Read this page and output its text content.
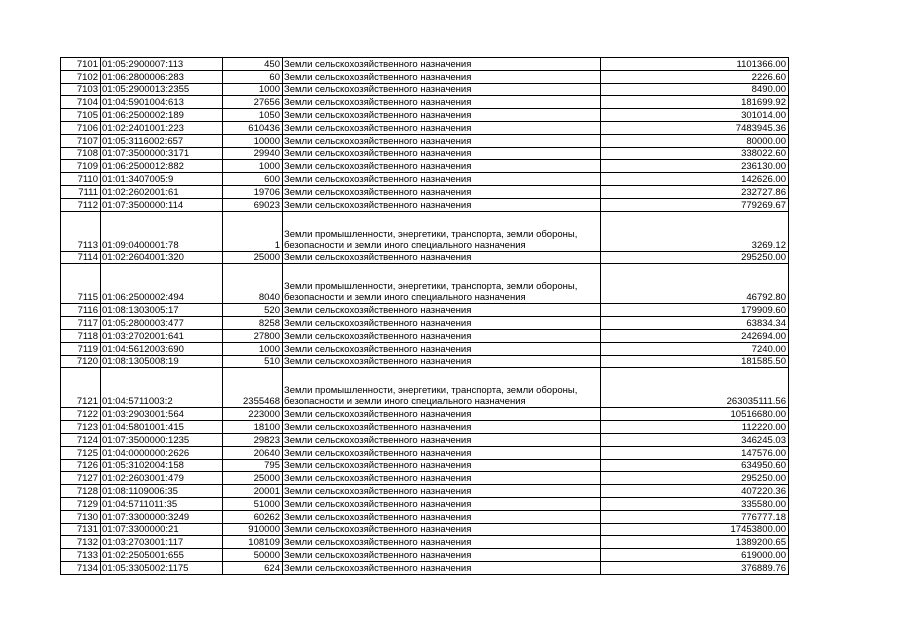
7101	01:05:2900007:113	450	Земли сельскохозяйственного назначения	1101366.00
7102	01:06:2800006:283	60	Земли сельскохозяйственного назначения	2226.60
7103	01:05:2900013:2355	1000	Земли сельскохозяйственного назначения	8490.00
7104	01:04:5901004:613	27656	Земли сельскохозяйственного назначения	181699.92
7105	01:06:2500002:189	1050	Земли сельскохозяйственного назначения	301014.00
7106	01:02:2401001:223	610436	Земли сельскохозяйственного назначения	7483945.36
7107	01:05:3116002:657	10000	Земли сельскохозяйственного назначения	80000.00
7108	01:07:3500000:3171	29940	Земли сельскохозяйственного назначения	338022.60
7109	01:06:2500012:882	1000	Земли сельскохозяйственного назначения	236130.00
7110	01:01:3407005:9	600	Земли сельскохозяйственного назначения	142626.00
7111	01:02:2602001:61	19706	Земли сельскохозяйственного назначения	232727.86
7112	01:07:3500000:114	69023	Земли сельскохозяйственного назначения	779269.67
7113	01:09:0400001:78	1	Земли промышленности, энергетики, транспорта, земли обороны, безопасности и земли иного специального назначения	3269.12
7114	01:02:2604001:320	25000	Земли сельскохозяйственного назначения	295250.00
7115	01:06:2500002:494	8040	Земли промышленности, энергетики, транспорта, земли обороны, безопасности и земли иного специального назначения	46792.80
7116	01:08:1303005:17	520	Земли сельскохозяйственного назначения	179909.60
7117	01:05:2800003:477	8258	Земли сельскохозяйственного назначения	63834.34
7118	01:03:2702001:641	27800	Земли сельскохозяйственного назначения	242694.00
7119	01:04:5612003:690	1000	Земли сельскохозяйственного назначения	7240.00
7120	01:08:1305008:19	510	Земли сельскохозяйственного назначения	181585.50
7121	01:04:5711003:2	2355468	Земли промышленности, энергетики, транспорта, земли обороны, безопасности и земли иного специального назначения	263035111.56
7122	01:03:2903001:564	223000	Земли сельскохозяйственного назначения	10516680.00
7123	01:04:5801001:415	18100	Земли сельскохозяйственного назначения	112220.00
7124	01:07:3500000:1235	29823	Земли сельскохозяйственного назначения	346245.03
7125	01:04:0000000:2626	20640	Земли сельскохозяйственного назначения	147576.00
7126	01:05:3102004:158	795	Земли сельскохозяйственного назначения	634950.60
7127	01:02:2603001:479	25000	Земли сельскохозяйственного назначения	295250.00
7128	01:08:1109006:35	20001	Земли сельскохозяйственного назначения	407220.36
7129	01:04:5711011:35	51000	Земли сельскохозяйственного назначения	335580.00
7130	01:07:3300000:3249	60262	Земли сельскохозяйственного назначения	776777.18
7131	01:07:3300000:21	910000	Земли сельскохозяйственного назначения	17453800.00
7132	01:03:2703001:117	108109	Земли сельскохозяйственного назначения	1389200.65
7133	01:02:2505001:655	50000	Земли сельскохозяйственного назначения	619000.00
7134	01:05:3305002:1175	624	Земли сельскохозяйственного назначения	376889.76
